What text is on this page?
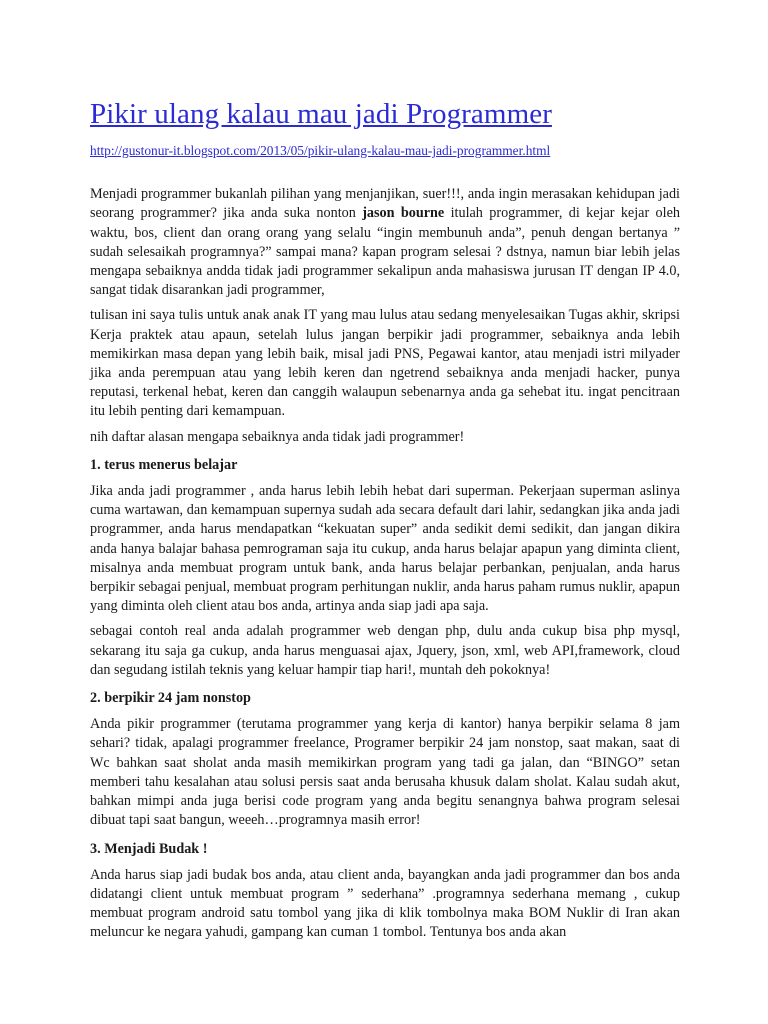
Pikir ulang kalau mau jadi Programmer
http://gustonur-it.blogspot.com/2013/05/pikir-ulang-kalau-mau-jadi-programmer.html

Menjadi programmer bukanlah pilihan yang menjanjikan, suer!!!, anda ingin merasakan kehidupan jadi seorang programmer? jika anda suka nonton jason bourne itulah programmer, di kejar kejar oleh waktu, bos, client dan orang orang yang selalu “ingin membunuh anda”, penuh dengan bertanya ” sudah selesaikah programnya?” sampai mana? kapan program selesai ? dstnya, namun biar lebih jelas mengapa sebaiknya andda tidak jadi programmer sekalipun anda mahasiswa jurusan IT dengan IP 4.0, sangat tidak disarankan jadi programmer,

tulisan ini saya tulis untuk anak anak IT yang mau lulus atau sedang menyelesaikan Tugas akhir, skripsi Kerja praktek atau apaun, setelah lulus jangan berpikir jadi programmer, sebaiknya anda lebih memikirkan masa depan yang lebih baik, misal jadi PNS, Pegawai kantor, atau menjadi istri milyader jika anda perempuan atau yang lebih keren dan ngetrend sebaiknya anda menjadi hacker, punya reputasi, terkenal hebat, keren dan canggih walaupun sebenarnya anda ga sehebat itu. ingat pencitraan itu lebih penting dari kemampuan.

nih daftar alasan mengapa sebaiknya anda tidak jadi programmer!

1. terus menerus belajar

Jika anda jadi programmer , anda harus lebih lebih hebat dari superman. Pekerjaan superman aslinya cuma wartawan, dan kemampuan supernya sudah ada secara default dari lahir, sedangkan jika anda jadi programmer, anda harus mendapatkan “kekuatan super” anda sedikit demi sedikit, dan jangan dikira anda hanya balajar bahasa pemrograman saja itu cukup, anda harus belajar apapun yang diminta client, misalnya anda membuat program untuk bank, anda harus belajar perbankan, penjualan, anda harus berpikir sebagai penjual, membuat program perhitungan nuklir, anda harus paham rumus nuklir, apapun yang diminta oleh client atau bos anda, artinya anda siap jadi apa saja.

sebagai contoh real anda adalah programmer web dengan php, dulu anda cukup bisa php mysql, sekarang itu saja ga cukup, anda harus menguasai ajax, Jquery, json, xml, web API,framework, cloud dan segudang istilah teknis yang keluar hampir tiap hari!, muntah deh pokoknya!

2. berpikir 24 jam nonstop

Anda pikir programmer (terutama programmer yang kerja di kantor) hanya berpikir selama 8 jam sehari? tidak, apalagi programmer freelance, Programer berpikir 24 jam nonstop, saat makan, saat di Wc bahkan saat sholat anda masih memikirkan program yang tadi ga jalan, dan “BINGO” setan memberi tahu kesalahan atau solusi persis saat anda berusaha khusuk dalam sholat. Kalau sudah akut, bahkan mimpi anda juga berisi code program yang anda begitu senangnya bahwa program selesai dibuat tapi saat bangun, weeeh…programnya masih error!

3. Menjadi Budak !

Anda harus siap jadi budak bos anda, atau client anda, bayangkan anda jadi programmer dan bos anda didatangi client untuk membuat program ” sederhana” .programnya sederhana memang , cukup membuat program android satu tombol yang jika di klik tombolnya maka BOM Nuklir di Iran akan meluncur ke negara yahudi, gampang kan cuman 1 tombol. Tentunya bos anda akan
